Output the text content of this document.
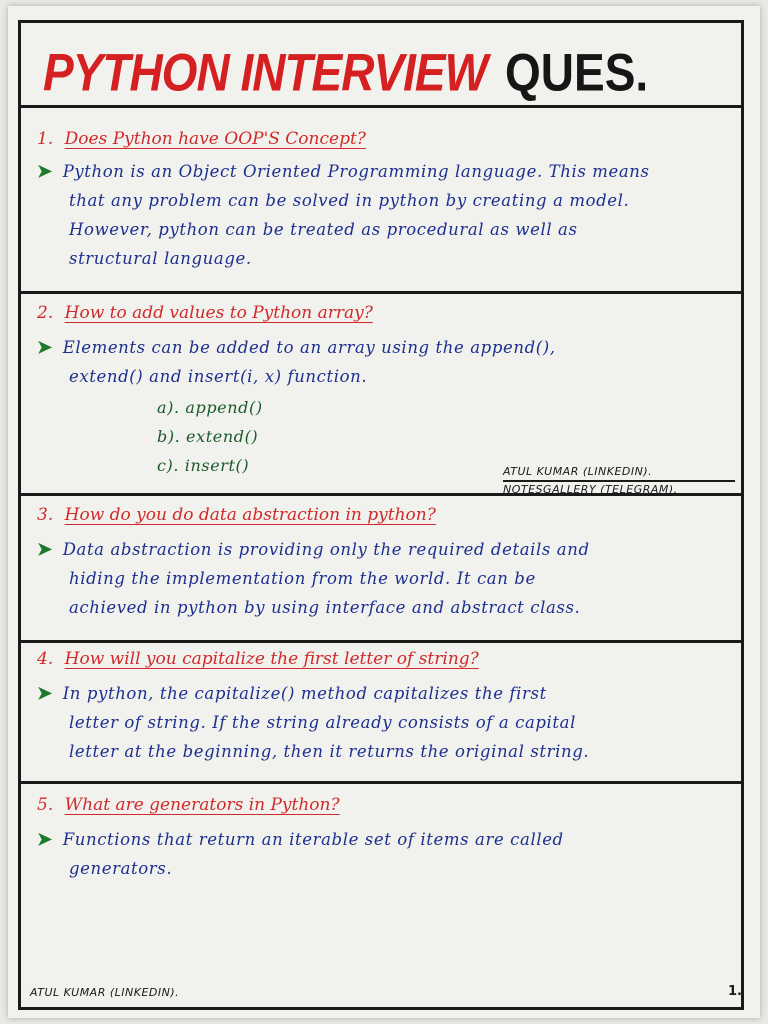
PYTHON INTERVIEW QUES.
1. Does Python have OOP'S Concept?

➤ Python is an Object Oriented Programming language. This means

that any problem can be solved in python by creating a model.

However, python can be treated as procedural as well as

structural language.

2. How to add values to Python array?

➤ Elements can be added to an array using the append(),

extend() and insert(i, x) function.

a). append()
b). extend()
c). insert()	ATUL KUMAR (LINKEDIN).
NOTESGALLERY (TELEGRAM).
3. How do you do data abstraction in python?

➤ Data abstraction is providing only the required details and

hiding the implementation from the world. It can be

achieved in python by using interface and abstract class.

4. How will you capitalize the first letter of string?

➤ In python, the capitalize() method capitalizes the first

letter of string. If the string already consists of a capital

letter at the beginning, then it returns the original string.

5. What are generators in Python?

➤ Functions that return an iterable set of items are called

generators.

ATUL KUMAR (LINKEDIN).	1.
